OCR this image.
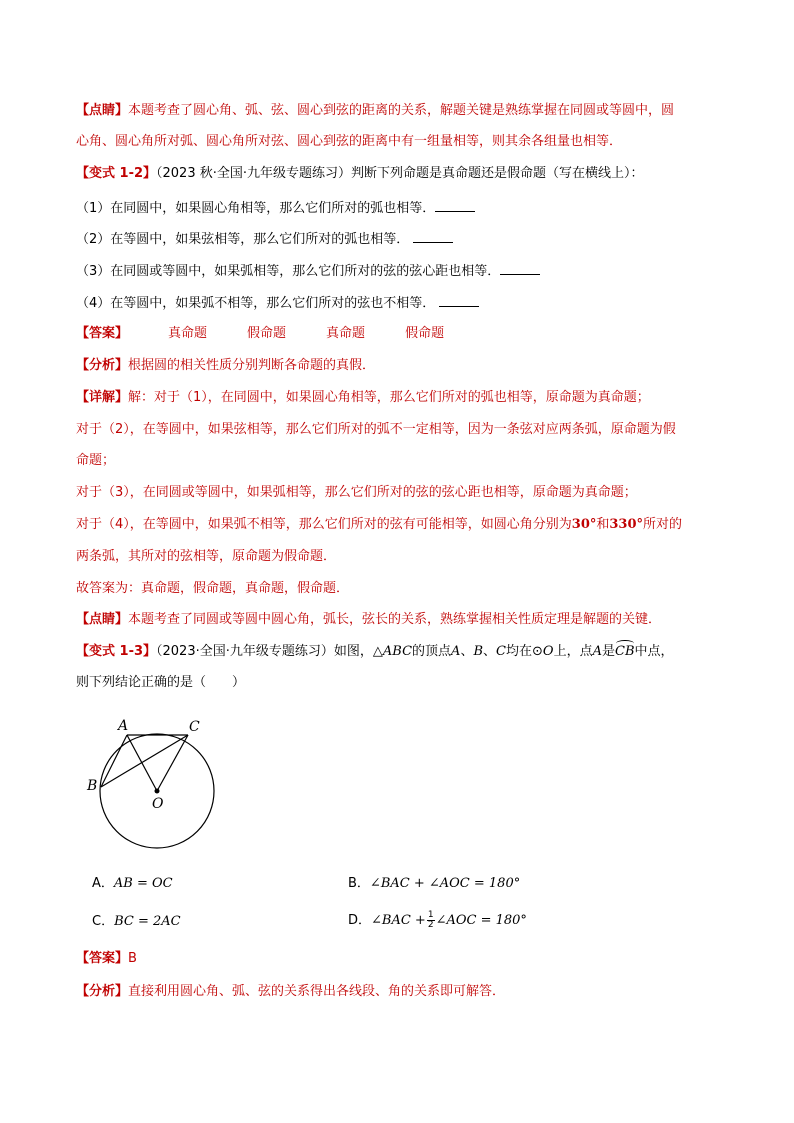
【点睛】本题考查了圆心角、弧、弦、圆心到弦的距离的关系，解题关键是熟练掌握在同圆或等圆中，圆
心角、圆心角所对弧、圆心角所对弦、圆心到弦的距离中有一组量相等，则其余各组量也相等．
【变式 1-2】（2023 秋·全国·九年级专题练习）判断下列命题是真命题还是假命题（写在横线上）：
（1）在同圆中，如果圆心角相等，那么它们所对的弧也相等．
（2）在等圆中，如果弦相等，那么它们所对的弧也相等．
（3）在同圆或等圆中，如果弧相等，那么它们所对的弦的弦心距也相等．
（4）在等圆中，如果弧不相等，那么它们所对的弦也不相等．
【答案】	真命题	假命题	真命题	假命题
【分析】根据圆的相关性质分别判断各命题的真假．
【详解】解：对于（1），在同圆中，如果圆心角相等，那么它们所对的弧也相等，原命题为真命题；
对于（2），在等圆中，如果弦相等，那么它们所对的弧不一定相等，因为一条弦对应两条弧，原命题为假
命题；
对于（3），在同圆或等圆中，如果弧相等，那么它们所对的弦的弦心距也相等，原命题为真命题；
对于（4），在等圆中，如果弧不相等，那么它们所对的弦有可能相等，如圆心角分别为30°和330°所对的
两条弧，其所对的弦相等，原命题为假命题．
故答案为：真命题，假命题，真命题，假命题．
【点睛】本题考查了同圆或等圆中圆心角，弧长，弦长的关系，熟练掌握相关性质定理是解题的关键．
【变式 1-3】（2023·全国·九年级专题练习）如图，△ABC的顶点A、B、C均在⊙O上，点A是CB中点，
则下列结论正确的是（　　）
A	C
B
O
A．AB = OC	B．∠BAC + ∠AOC = 180°
C．BC = 2AC	D．∠BAC + $\frac{1}{2}$ ∠AOC = 180°
【答案】B
【分析】直接利用圆心角、弧、弦的关系得出各线段、角的关系即可解答．
